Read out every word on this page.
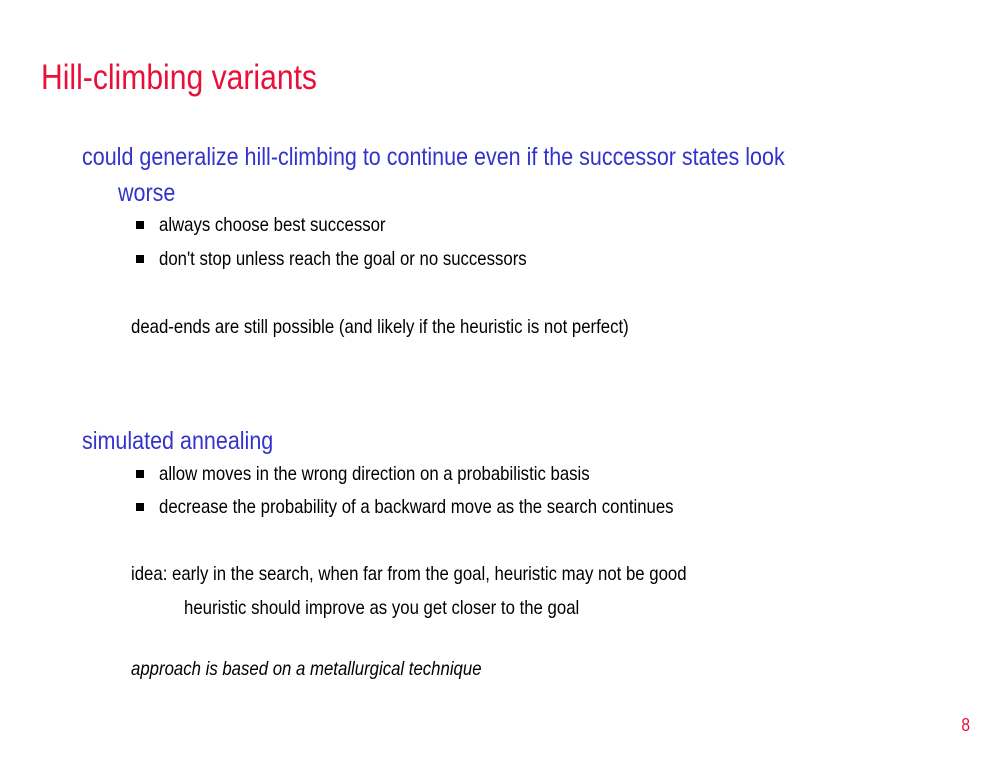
Hill-climbing variants
could generalize hill-climbing to continue even if the successor states look
worse
always choose best successor
don't stop unless reach the goal or no successors
dead-ends are still possible (and likely if the heuristic is not perfect)
simulated annealing
allow moves in the wrong direction on a probabilistic basis
decrease the probability of a backward move as the search continues
idea: early in the search, when far from the goal, heuristic may not be good
heuristic should improve as you get closer to the goal
approach is based on a metallurgical technique
8
